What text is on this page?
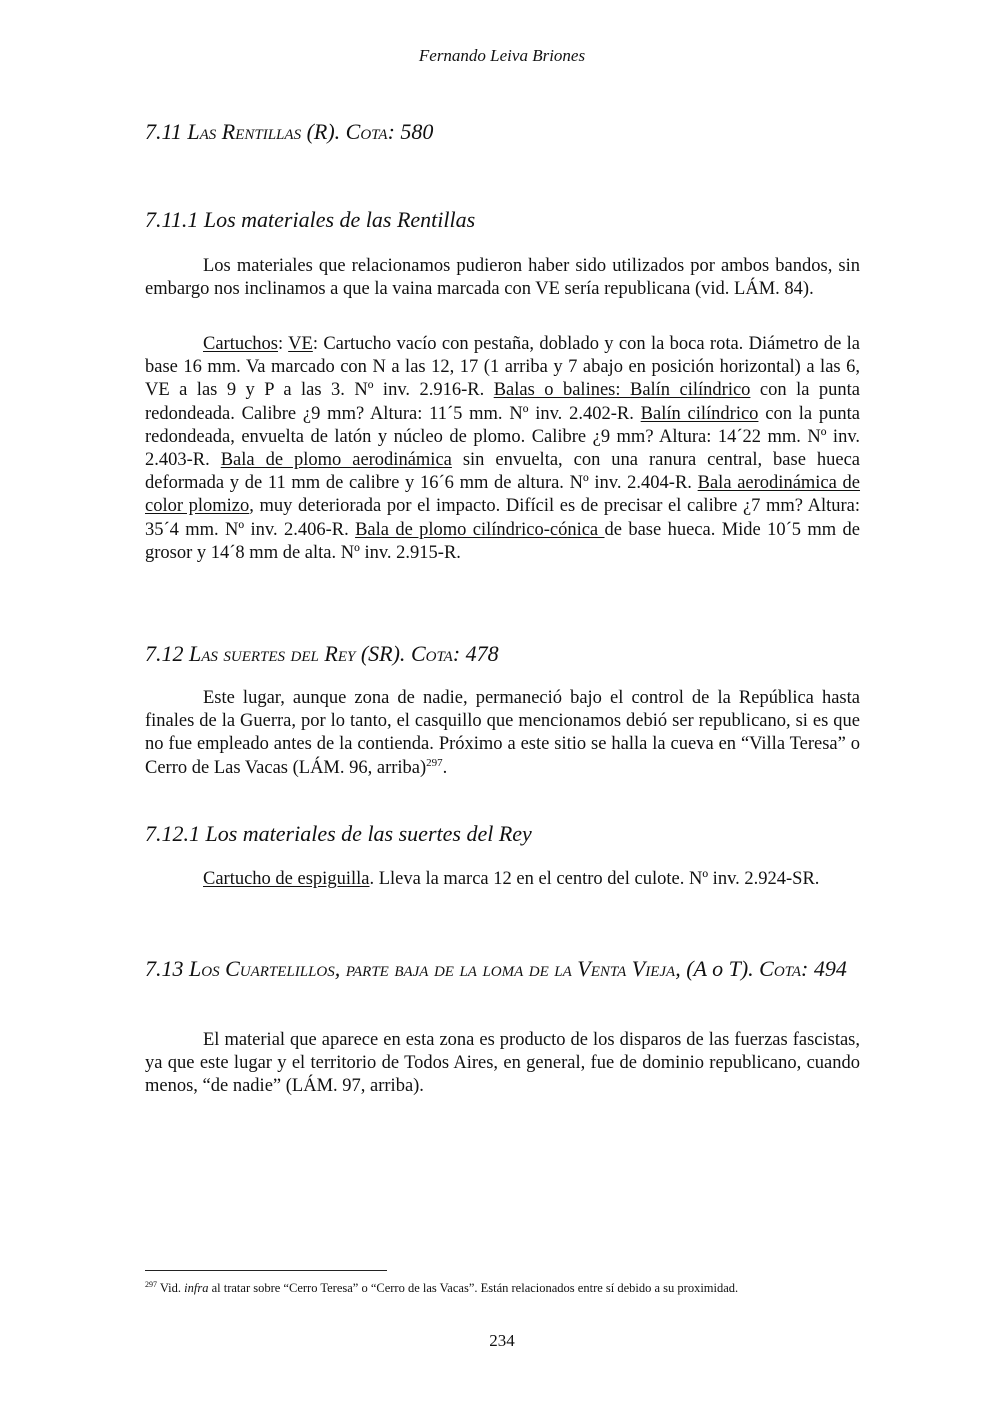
Fernando Leiva Briones
7.11 Las Rentillas (R). Cota: 580
7.11.1 Los materiales de las Rentillas

Los materiales que relacionamos pudieron haber sido utilizados por ambos bandos, sin embargo nos inclinamos a que la vaina marcada con VE sería republicana (vid. LÁM. 84).

Cartuchos: VE: Cartucho vacío con pestaña, doblado y con la boca rota. Diámetro de la base 16 mm. Va marcado con N a las 12, 17 (1 arriba y 7 abajo en posición horizontal) a las 6, VE a las 9 y P a las 3. Nº inv. 2.916-R. Balas o balines: Balín cilíndrico con la punta redondeada. Calibre ¿9 mm? Altura: 11´5 mm. Nº inv. 2.402-R. Balín cilíndrico con la punta redondeada, envuelta de latón y núcleo de plomo. Calibre ¿9 mm? Altura: 14´22 mm. Nº inv. 2.403-R. Bala de plomo aerodinámica sin envuelta, con una ranura central, base hueca deformada y de 11 mm de calibre y 16´6 mm de altura. Nº inv. 2.404-R. Bala aerodinámica de color plomizo, muy deteriorada por el impacto. Difícil es de precisar el calibre ¿7 mm? Altura: 35´4 mm. Nº inv. 2.406-R. Bala de plomo cilíndrico-cónica de base hueca. Mide 10´5 mm de grosor y 14´8 mm de alta. Nº inv. 2.915-R.

7.12 Las suertes del Rey (SR). Cota: 478

Este lugar, aunque zona de nadie, permaneció bajo el control de la República hasta finales de la Guerra, por lo tanto, el casquillo que mencionamos debió ser republicano, si es que no fue empleado antes de la contienda. Próximo a este sitio se halla la cueva en “Villa Teresa” o Cerro de Las Vacas (LÁM. 96, arriba)$^{297}$.

7.12.1 Los materiales de las suertes del Rey

Cartucho de espiguilla. Lleva la marca 12 en el centro del culote. Nº inv. 2.924-SR.

7.13 Los Cuartelillos, parte baja de la loma de la Venta Vieja, (A o T). Cota: 494

El material que aparece en esta zona es producto de los disparos de las fuerzas fascistas, ya que este lugar y el territorio de Todos Aires, en general, fue de dominio republicano, cuando menos, “de nadie” (LÁM. 97, arriba).

$^{297}$ Vid. infra al tratar sobre “Cerro Teresa” o “Cerro de las Vacas”. Están relacionados entre sí debido a su proximidad.
234
